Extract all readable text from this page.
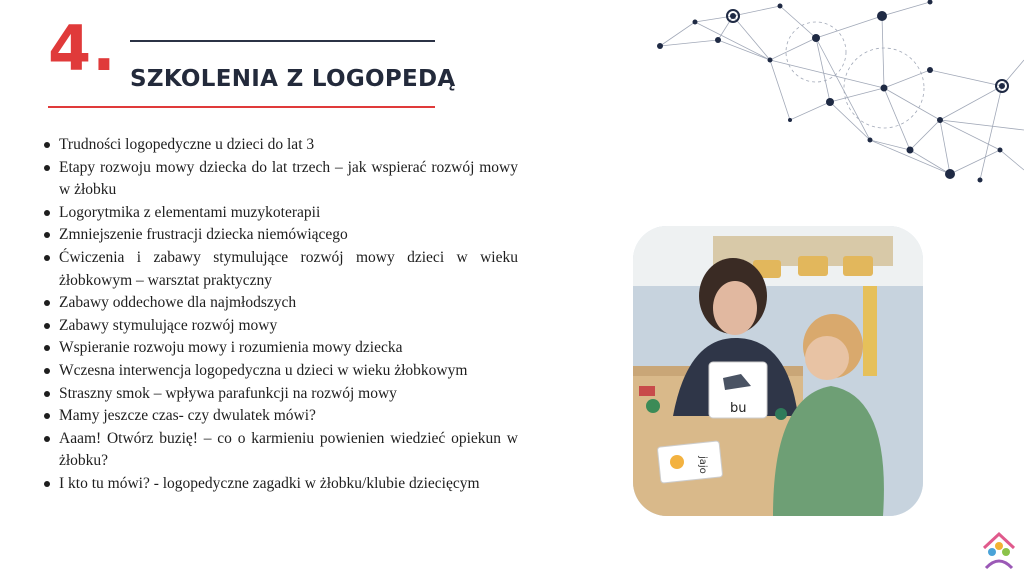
4. SZKOLENIA Z LOGOPEDĄ
Trudności logopedyczne u dzieci do lat 3
Etapy rozwoju mowy dziecka do lat trzech – jak wspierać rozwój mowy w żłobku
Logorytmika z elementami muzykoterapii
Zmniejszenie frustracji dziecka niemówiącego
Ćwiczenia i zabawy stymulujące rozwój mowy dzieci w wieku żłobkowym – warsztat praktyczny
Zabawy oddechowe dla najmłodszych
Zabawy stymulujące rozwój mowy
Wspieranie rozwoju mowy i rozumienia mowy dziecka
Wczesna interwencja logopedyczna u dzieci w wieku żłobkowym
Straszny smok – wpływa parafunkcji na rozwój mowy
Mamy jeszcze czas- czy dwulatek mówi?
Aaam! Otwórz buzię! – co o karmieniu powienien wiedzieć opiekun w żłobku?
I kto tu mówi? - logopedyczne zagadki w żłobku/klubie dziecięcym
bu
jajo
